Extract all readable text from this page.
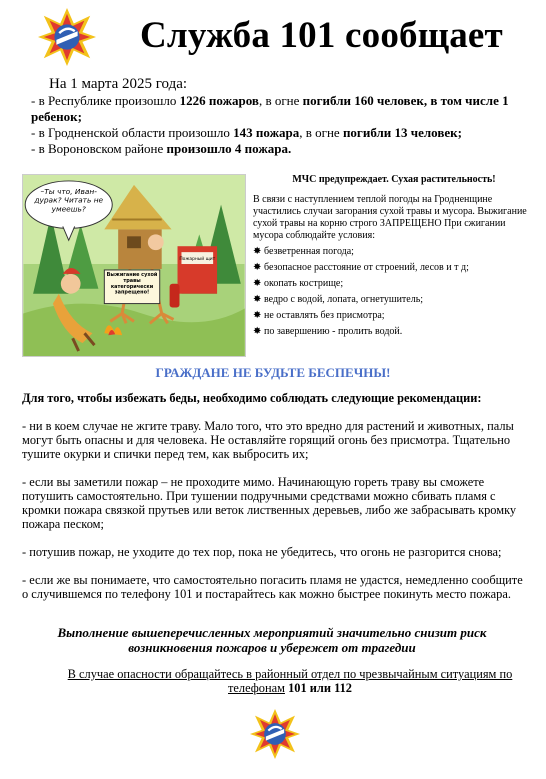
Служба 101 сообщает
На 1 марта 2025 года:

- в Республике произошло 1226 пожаров, в огне погибли 160 человек, в том числе 1 ребенок;

- в Гродненской области произошло 143 пожара, в огне погибли 13 человек;

- в Вороновском районе произошло 4 пожара.

Пожарный щит
Выжигание сухой травы категорически запрещено!
–Ты что, Иван-дурак? Читать не умеешь?
МЧС предупреждает. Сухая растительность!
В связи с наступлением теплой погоды на Гродненщине участились случаи загорания сухой травы и мусора. Выжигание сухой травы на корню строго ЗАПРЕЩЕНО При сжигании мусора соблюдайте условия:
✸ безветренная погода;
✸ безопасное расстояние от строений, лесов и т д;
✸ окопать кострище;
✸ ведро с водой, лопата, огнетушитель;
✸ не оставлять без присмотра;
✸ по завершению - пролить водой.
ГРАЖДАНЕ НЕ БУДЬТЕ БЕСПЕЧНЫ!
Для того, чтобы избежать беды, необходимо соблюдать следующие рекомендации:

- ни в коем случае не жгите траву. Мало того, что это вредно для растений и животных, палы могут быть опасны и для человека. Не оставляйте горящий огонь без присмотра. Тщательно тушите окурки и спички перед тем, как выбросить их;

- если вы заметили пожар – не проходите мимо. Начинающую гореть траву вы сможете потушить самостоятельно. При тушении подручными средствами можно сбивать пламя с кромки пожара связкой прутьев или веток лиственных деревьев, либо же забрасывать кромку пожара песком;

- потушив пожар, не уходите до тех пор, пока не убедитесь, что огонь не разгорится снова;

- если же вы понимаете, что самостоятельно погасить пламя не удастся, немедленно сообщите о случившемся по телефону 101 и постарайтесь как можно быстрее покинуть место пожара.

Выполнение вышеперечисленных мероприятий значительно снизит риск возникновения пожаров и убережет от трагедии
В случае опасности обращайтесь в районный отдел по чрезвычайным ситуациям по телефонам 101 или 112
